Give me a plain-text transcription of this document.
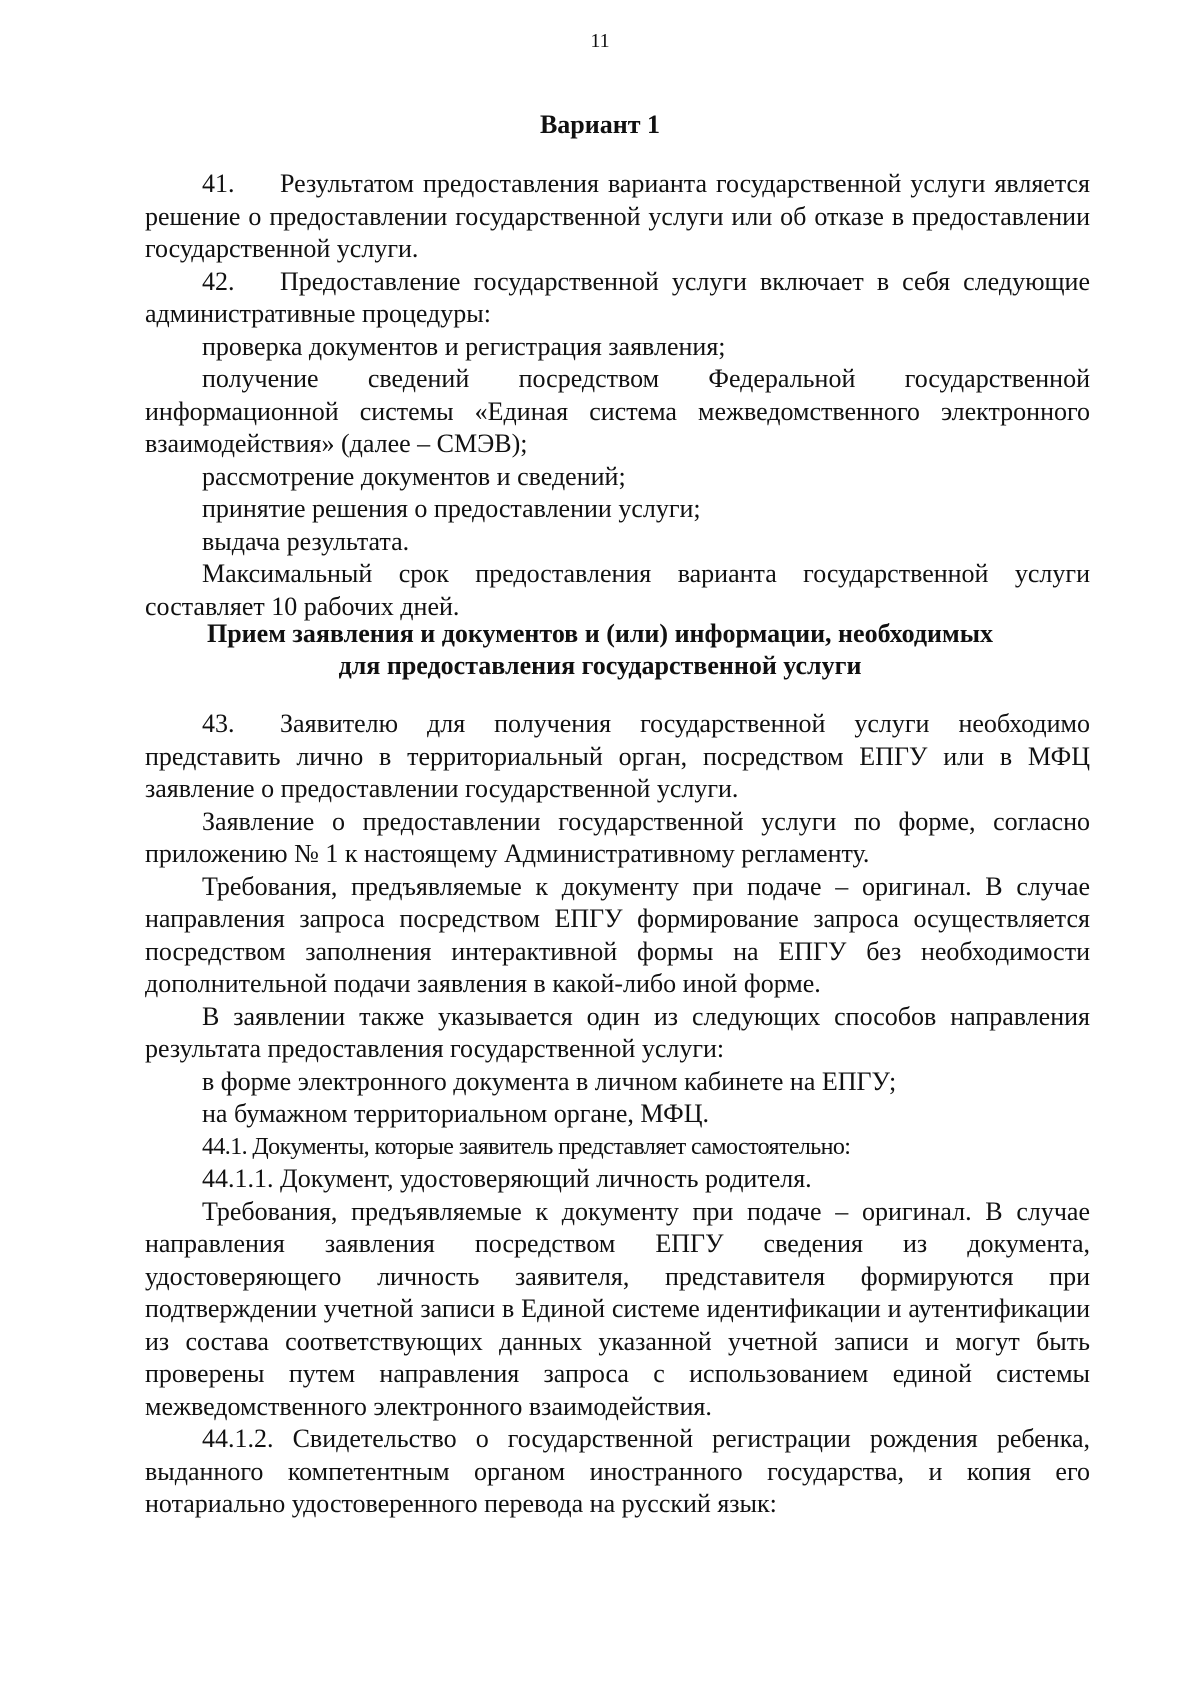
11
Вариант 1

41. Результатом предоставления варианта государственной услуги является решение о предоставлении государственной услуги или об отказе в предоставлении государственной услуги.

42. Предоставление государственной услуги включает в себя следующие административные процедуры:

проверка документов и регистрация заявления;

получение сведений посредством Федеральной государственной информационной системы «Единая система межведомственного электронного взаимодействия» (далее – СМЭВ);

рассмотрение документов и сведений;

принятие решения о предоставлении услуги;

выдача результата.

Максимальный срок предоставления варианта государственной услуги составляет 10 рабочих дней.

Прием заявления и документов и (или) информации, необходимых
для предоставления государственной услуги

43. Заявителю для получения государственной услуги необходимо представить лично в территориальный орган, посредством ЕПГУ или в МФЦ заявление о предоставлении государственной услуги.

Заявление о предоставлении государственной услуги по форме, согласно приложению № 1 к настоящему Административному регламенту.

Требования, предъявляемые к документу при подаче – оригинал. В случае направления запроса посредством ЕПГУ формирование запроса осуществляется посредством заполнения интерактивной формы на ЕПГУ без необходимости дополнительной подачи заявления в какой-либо иной форме.

В заявлении также указывается один из следующих способов направления результата предоставления государственной услуги:

в форме электронного документа в личном кабинете на ЕПГУ;

на бумажном территориальном органе, МФЦ.

44.1. Документы, которые заявитель представляет самостоятельно:

44.1.1. Документ, удостоверяющий личность родителя.

Требования, предъявляемые к документу при подаче – оригинал. В случае направления заявления посредством ЕПГУ сведения из документа, удостоверяющего личность заявителя, представителя формируются при подтверждении учетной записи в Единой системе идентификации и аутентификации из состава соответствующих данных указанной учетной записи и могут быть проверены путем направления запроса с использованием единой системы межведомственного электронного взаимодействия.

44.1.2. Свидетельство о государственной регистрации рождения ребенка, выданного компетентным органом иностранного государства, и копия его нотариально удостоверенного перевода на русский язык:
